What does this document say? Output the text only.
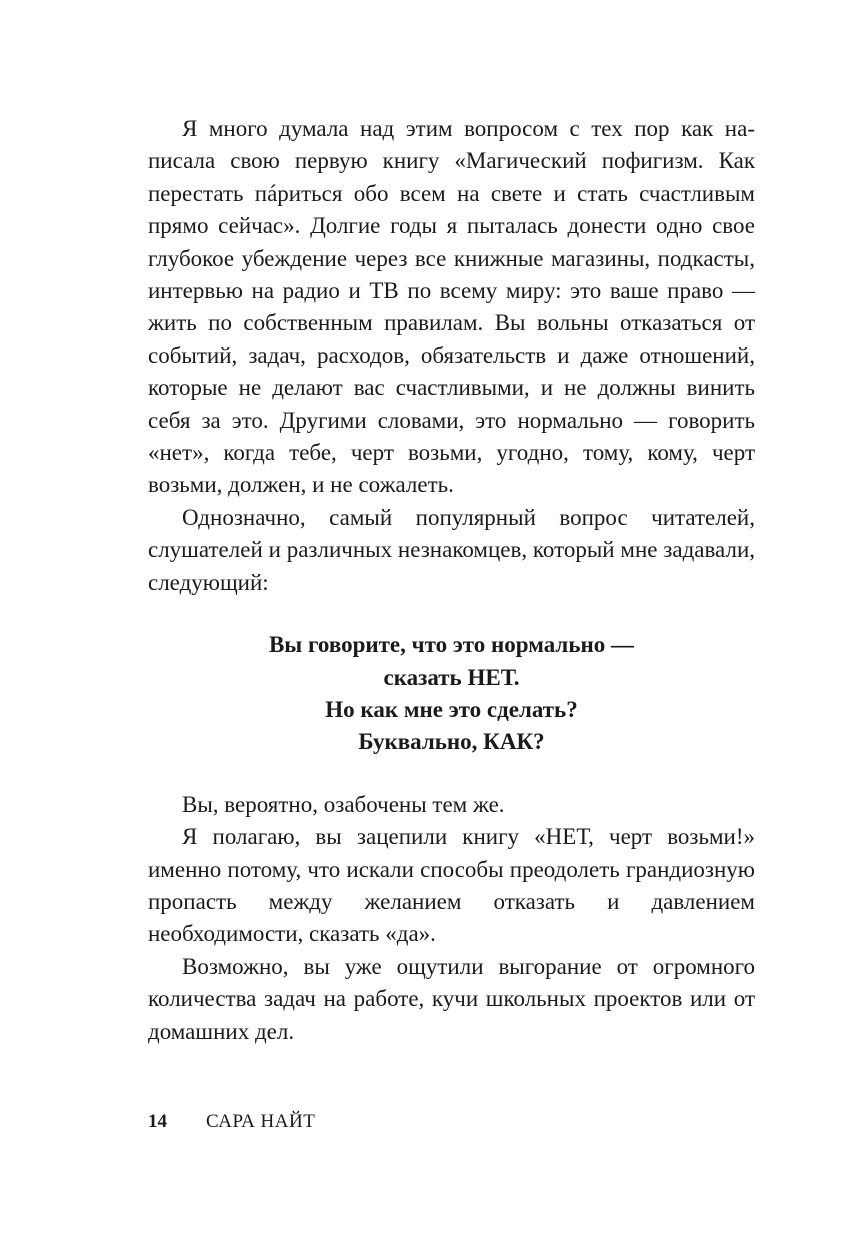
Я много думала над этим вопросом с тех пор как написала свою первую книгу «Магический пофигизм. Как перестать пáриться обо всем на свете и стать счастливым прямо сейчас». Долгие годы я пыталась донести одно свое глубокое убеждение через все книжные магазины, подкасты, интервью на радио и ТВ по всему миру: это ваше право — жить по собственным правилам. Вы вольны отказаться от событий, задач, расходов, обязательств и даже отношений, которые не делают вас счастливыми, и не должны винить себя за это. Другими словами, это нормально — говорить «нет», когда тебе, черт возьми, угодно, тому, кому, черт возьми, должен, и не сожалеть.

Однозначно, самый популярный вопрос читателей, слушателей и различных незнакомцев, который мне задавали, следующий:

Вы говорите, что это нормально —
сказать НЕТ.
Но как мне это сделать?
Буквально, КАК?

Вы, вероятно, озабочены тем же.

Я полагаю, вы зацепили книгу «НЕТ, черт возьми!» именно потому, что искали способы преодолеть грандиозную пропасть между желанием отказать и давлением необходимости, сказать «да».

Возможно, вы уже ощутили выгорание от огромного количества задач на работе, кучи школьных проектов или от домашних дел.

14 САРА НАЙТ
